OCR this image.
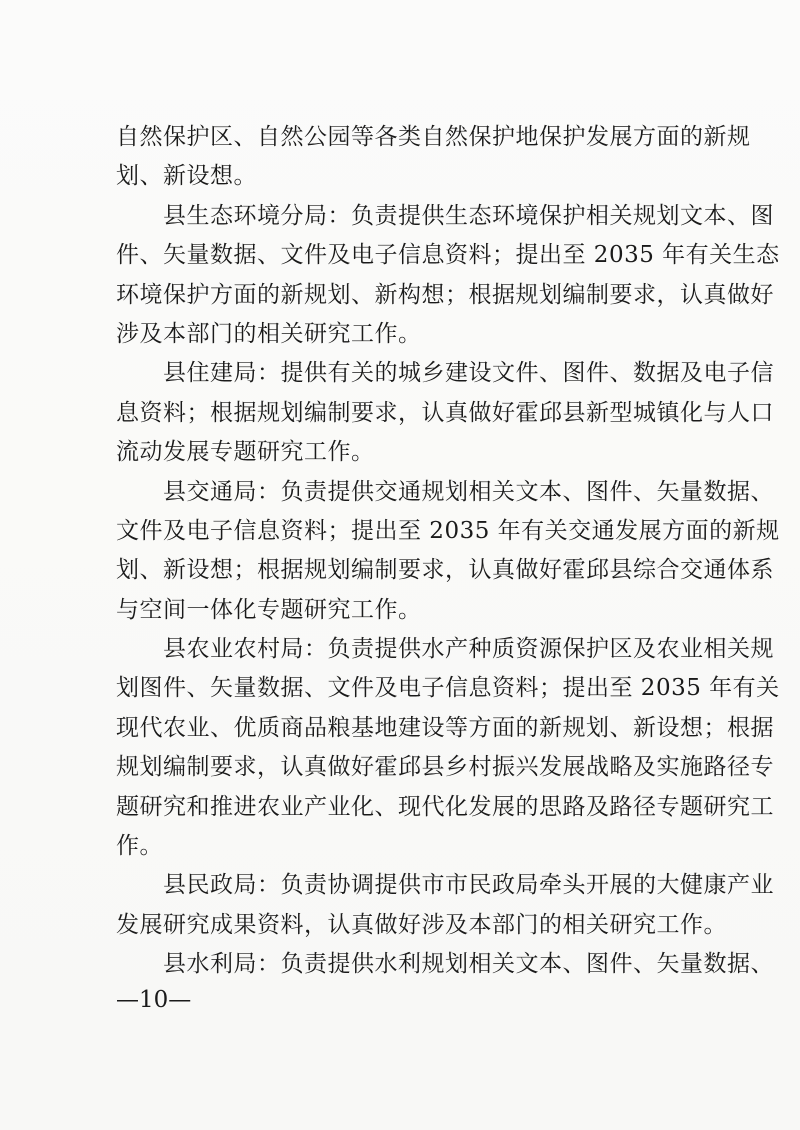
自然保护区、自然公园等各类自然保护地保护发展方面的新规
划、新设想。
　　县生态环境分局：负责提供生态环境保护相关规划文本、图
件、矢量数据、文件及电子信息资料；提出至 2035 年有关生态
环境保护方面的新规划、新构想；根据规划编制要求，认真做好
涉及本部门的相关研究工作。
　　县住建局：提供有关的城乡建设文件、图件、数据及电子信
息资料；根据规划编制要求，认真做好霍邱县新型城镇化与人口
流动发展专题研究工作。
　　县交通局：负责提供交通规划相关文本、图件、矢量数据、
文件及电子信息资料；提出至 2035 年有关交通发展方面的新规
划、新设想；根据规划编制要求，认真做好霍邱县综合交通体系
与空间一体化专题研究工作。
　　县农业农村局：负责提供水产种质资源保护区及农业相关规
划图件、矢量数据、文件及电子信息资料；提出至 2035 年有关
现代农业、优质商品粮基地建设等方面的新规划、新设想；根据
规划编制要求，认真做好霍邱县乡村振兴发展战略及实施路径专
题研究和推进农业产业化、现代化发展的思路及路径专题研究工
作。
　　县民政局：负责协调提供市市民政局牵头开展的大健康产业
发展研究成果资料，认真做好涉及本部门的相关研究工作。
　　县水利局：负责提供水利规划相关文本、图件、矢量数据、
—10—
